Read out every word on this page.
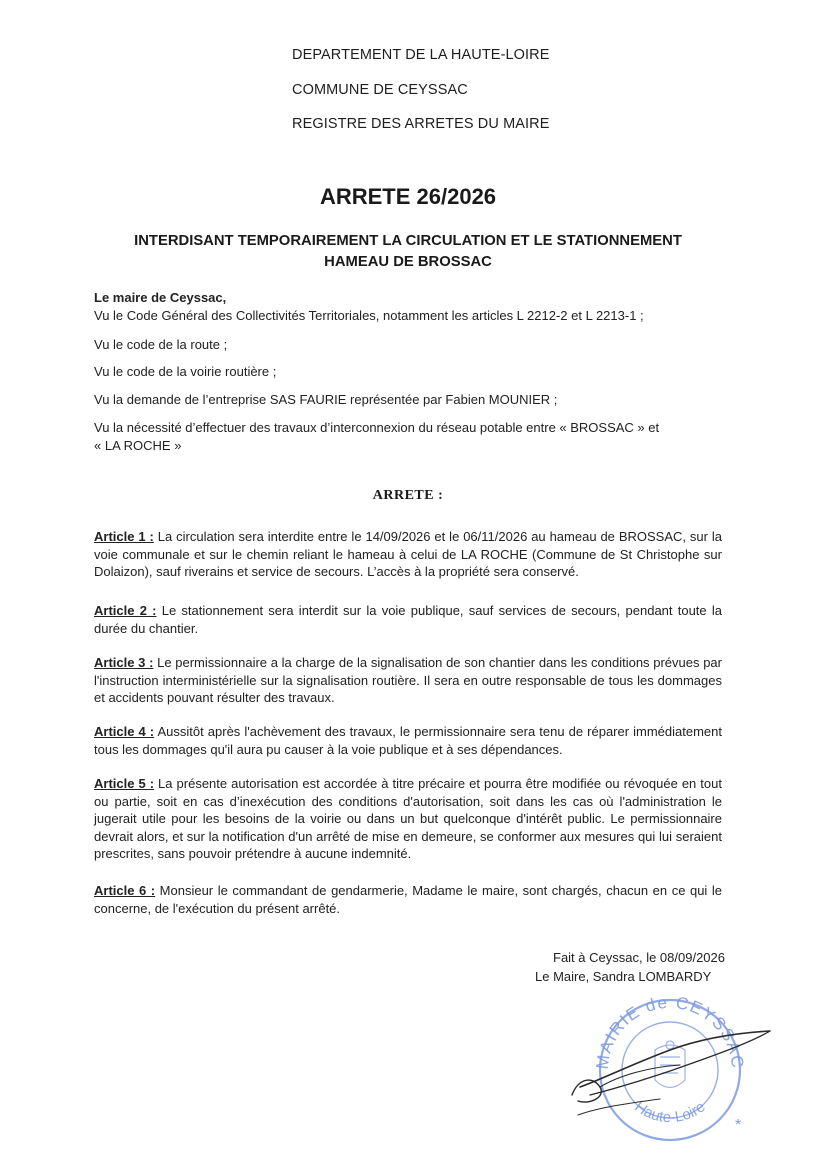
DEPARTEMENT DE LA HAUTE-LOIRE
COMMUNE DE CEYSSAC
REGISTRE DES ARRETES DU MAIRE
ARRETE 26/2026
INTERDISANT TEMPORAIREMENT LA CIRCULATION ET LE STATIONNEMENT
HAMEAU DE BROSSAC
Le maire de Ceyssac,
Vu le Code Général des Collectivités Territoriales, notamment les articles L 2212-2 et L 2213-1 ;
Vu le code de la route ;
Vu le code de la voirie routière ;
Vu la demande de l’entreprise SAS FAURIE représentée par Fabien MOUNIER ;
Vu la nécessité d’effectuer des travaux d’interconnexion du réseau potable entre « BROSSAC » et
« LA ROCHE »
ARRETE :
Article 1 : La circulation sera interdite entre le 14/09/2026 et le 06/11/2026 au hameau de BROSSAC, sur la voie communale et sur le chemin reliant le hameau à celui de LA ROCHE (Commune de St Christophe sur Dolaizon), sauf riverains et service de secours. L’accès à la propriété sera conservé.
Article 2 : Le stationnement sera interdit sur la voie publique, sauf services de secours, pendant toute la durée du chantier.
Article 3 : Le permissionnaire a la charge de la signalisation de son chantier dans les conditions prévues par l'instruction interministérielle sur la signalisation routière. Il sera en outre responsable de tous les dommages et accidents pouvant résulter des travaux.
Article 4 : Aussitôt après l'achèvement des travaux, le permissionnaire sera tenu de réparer immédiatement tous les dommages qu'il aura pu causer à la voie publique et à ses dépendances.
Article 5 : La présente autorisation est accordée à titre précaire et pourra être modifiée ou révoquée en tout ou partie, soit en cas d’inexécution des conditions d'autorisation, soit dans les cas où l'administration le jugerait utile pour les besoins de la voirie ou dans un but quelconque d'intérêt public. Le permissionnaire devrait alors, et sur la notification d'un arrêté de mise en demeure, se conformer aux mesures qui lui seraient prescrites, sans pouvoir prétendre à aucune indemnité.
Article 6 : Monsieur le commandant de gendarmerie, Madame le maire, sont chargés, chacun en ce qui le concerne, de l'exécution du présent arrêté.
Fait à Ceyssac, le 08/09/2026
Le Maire, Sandra LOMBARDY
MAIRIE de CEYSSAC
Haute-Loire
*
